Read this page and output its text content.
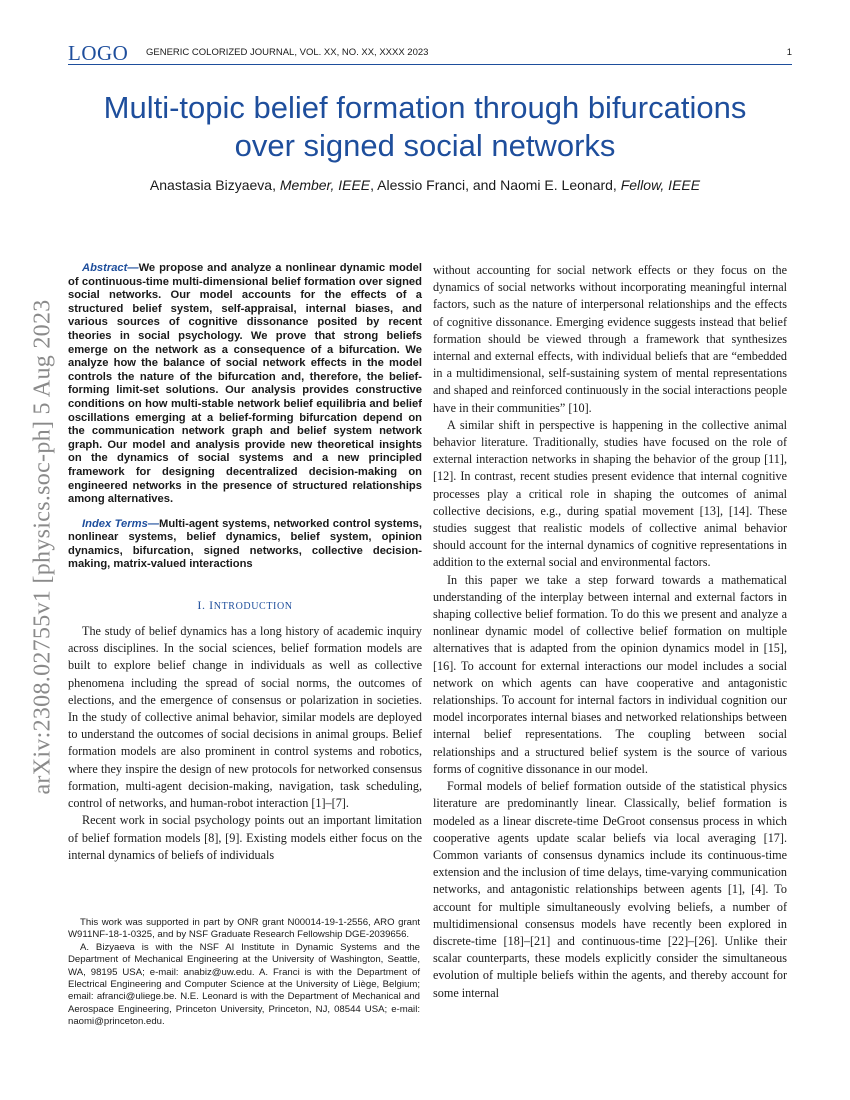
LOGO GENERIC COLORIZED JOURNAL, VOL. XX, NO. XX, XXXX 2023	1
Multi-topic belief formation through bifurcations
over signed social networks
Anastasia Bizyaeva, Member, IEEE, Alessio Franci, and Naomi E. Leonard, Fellow, IEEE
arXiv:2308.02755v1 [physics.soc-ph] 5 Aug 2023

Abstract—We propose and analyze a nonlinear dynamic model of continuous-time multi-dimensional belief formation over signed social networks. Our model accounts for the effects of a structured belief system, self-appraisal, internal biases, and various sources of cognitive dissonance posited by recent theories in social psychology. We prove that strong beliefs emerge on the network as a consequence of a bifurcation. We analyze how the balance of social network effects in the model controls the nature of the bifurcation and, therefore, the belief-forming limit-set solutions. Our analysis provides constructive conditions on how multi-stable network belief equilibria and belief oscillations emerging at a belief-forming bifurcation depend on the communication network graph and belief system network graph. Our model and analysis provide new theoretical insights on the dynamics of social systems and a new principled framework for designing decentralized decision-making on engineered networks in the presence of structured relationships among alternatives.

Index Terms—Multi-agent systems, networked control systems, nonlinear systems, belief dynamics, belief system, opinion dynamics, bifurcation, signed networks, collective decision-making, matrix-valued interactions

I. INTRODUCTION

The study of belief dynamics has a long history of academic inquiry across disciplines. In the social sciences, belief formation models are built to explore belief change in individuals as well as collective phenomena including the spread of social norms, the outcomes of elections, and the emergence of consensus or polarization in societies. In the study of collective animal behavior, similar models are deployed to understand the outcomes of social decisions in animal groups. Belief formation models are also prominent in control systems and robotics, where they inspire the design of new protocols for networked consensus formation, multi-agent decision-making, navigation, task scheduling, control of networks, and human-robot interaction [1]–[7].

Recent work in social psychology points out an important limitation of belief formation models [8], [9]. Existing models either focus on the internal dynamics of beliefs of individuals

without accounting for social network effects or they focus on the dynamics of social networks without incorporating meaningful internal factors, such as the nature of interpersonal relationships and the effects of cognitive dissonance. Emerging evidence suggests instead that belief formation should be viewed through a framework that synthesizes internal and external effects, with individual beliefs that are “embedded in a multidimensional, self-sustaining system of mental representations and shaped and reinforced continuously in the social interactions people have in their communities” [10].

A similar shift in perspective is happening in the collective animal behavior literature. Traditionally, studies have focused on the role of external interaction networks in shaping the behavior of the group [11], [12]. In contrast, recent studies present evidence that internal cognitive processes play a critical role in shaping the outcomes of animal collective decisions, e.g., during spatial movement [13], [14]. These studies suggest that realistic models of collective animal behavior should account for the internal dynamics of cognitive representations in addition to the external social and environmental factors.

In this paper we take a step forward towards a mathematical understanding of the interplay between internal and external factors in shaping collective belief formation. To do this we present and analyze a nonlinear dynamic model of collective belief formation on multiple alternatives that is adapted from the opinion dynamics model in [15],[16]. To account for external interactions our model includes a social network on which agents can have cooperative and antagonistic relationships. To account for internal factors in individual cognition our model incorporates internal biases and networked relationships between internal belief representations. The coupling between social relationships and a structured belief system is the source of various forms of cognitive dissonance in our model.

Formal models of belief formation outside of the statistical physics literature are predominantly linear. Classically, belief formation is modeled as a linear discrete-time DeGroot consensus process in which cooperative agents update scalar beliefs via local averaging [17]. Common variants of consensus dynamics include its continuous-time extension and the inclusion of time delays, time-varying communication networks, and antagonistic relationships between agents [1], [4]. To account for multiple simultaneously evolving beliefs, a number of multidimensional consensus models have recently been explored in discrete-time [18]–[21] and continuous-time [22]–[26]. Unlike their scalar counterparts, these models explicitly consider the simultaneous evolution of multiple beliefs within the agents, and thereby account for some internal

This work was supported in part by ONR grant N00014-19-1-2556, ARO grant W911NF-18-1-0325, and by NSF Graduate Research Fellowship DGE-2039656.

A. Bizyaeva is with the NSF AI Institute in Dynamic Systems and the Department of Mechanical Engineering at the University of Washington, Seattle, WA, 98195 USA; e-mail: anabiz@uw.edu. A. Franci is with the Department of Electrical Engineering and Computer Science at the University of Liège, Belgium; email: afranci@uliege.be. N.E. Leonard is with the Department of Mechanical and Aerospace Engineering, Princeton University, Princeton, NJ, 08544 USA; e-mail: naomi@princeton.edu.
